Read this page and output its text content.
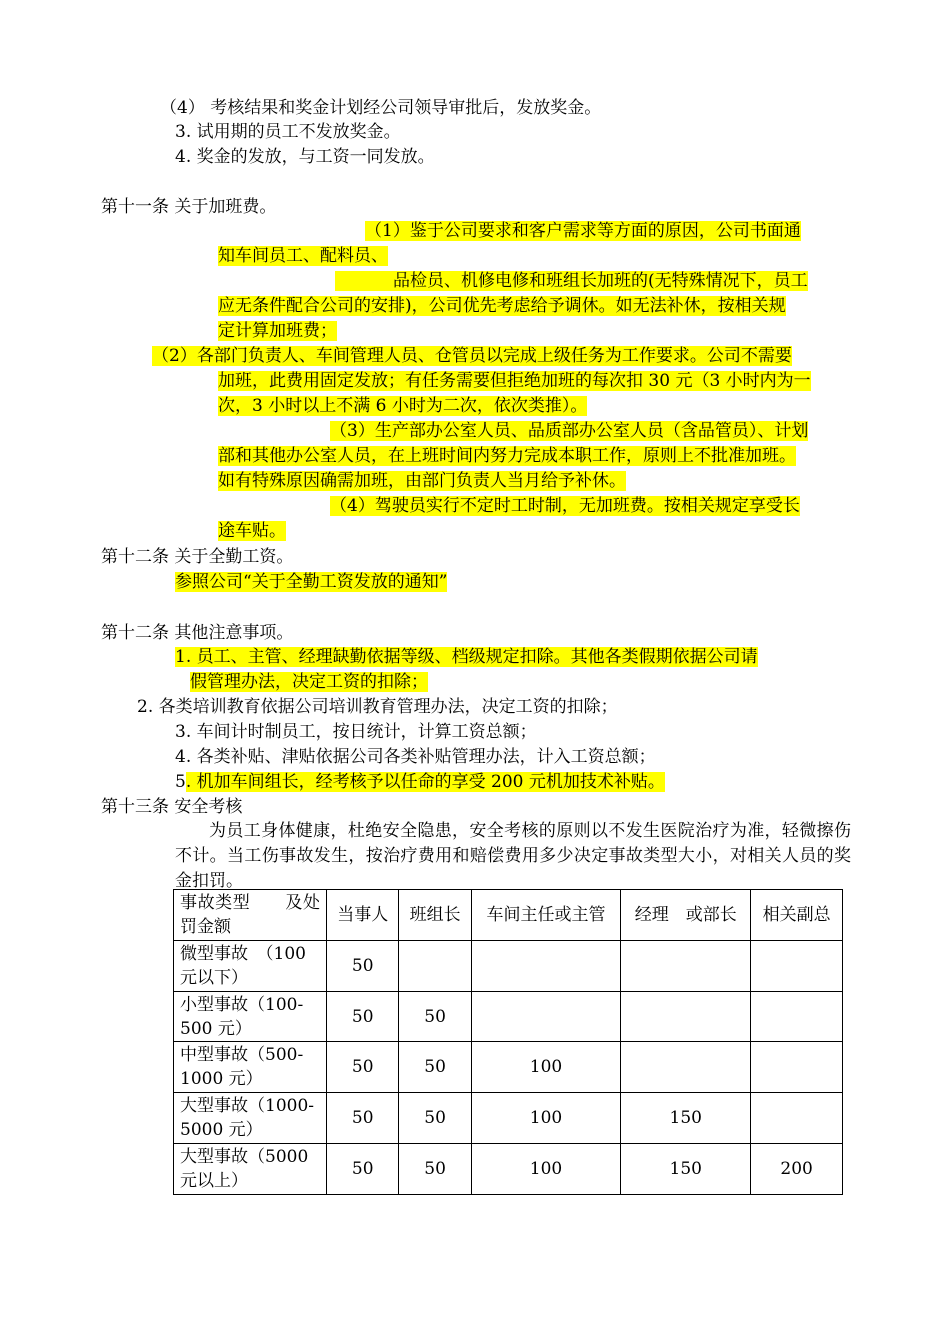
（4） 考核结果和奖金计划经公司领导审批后，发放奖金。
3. 试用期的员工不发放奖金。
4. 奖金的发放，与工资一同发放。
第十一条 关于加班费。
（1）鉴于公司要求和客户需求等方面的原因，公司书面通
知车间员工、配料员、
品检员、机修电修和班组长加班的(无特殊情况下，员工
应无条件配合公司的安排)，公司优先考虑给予调休。如无法补休，按相关规
定计算加班费；
（2）各部门负责人、车间管理人员、仓管员以完成上级任务为工作要求。公司不需要
加班，此费用固定发放；有任务需要但拒绝加班的每次扣 30 元（3 小时内为一
次，3 小时以上不满 6 小时为二次，依次类推）。
（3）生产部办公室人员、品质部办公室人员（含品管员）、计划
部和其他办公室人员，在上班时间内努力完成本职工作，原则上不批准加班。
如有特殊原因确需加班，由部门负责人当月给予补休。
（4）驾驶员实行不定时工时制，无加班费。按相关规定享受长
途车贴。
第十二条 关于全勤工资。
参照公司“关于全勤工资发放的通知”
第十二条 其他注意事项。
1. 员工、主管、经理缺勤依据等级、档级规定扣除。其他各类假期依据公司请
假管理办法，决定工资的扣除；
2. 各类培训教育依据公司培训教育管理办法，决定工资的扣除；
3. 车间计时制员工，按日统计，计算工资总额；
4. 各类补贴、津贴依据公司各类补贴管理办法，计入工资总额；
5. 机加车间组长，经考核予以任命的享受 200 元机加技术补贴。
第十三条 安全考核
为员工身体健康，杜绝安全隐患，安全考核的原则以不发生医院治疗为准，轻微擦伤不计。当工伤事故发生，按治疗费用和赔偿费用多少决定事故类型大小，对相关人员的奖金扣罚。
事故类型　　及处罚金额	当事人	班组长	车间主任或主管	经理　或部长	相关副总
微型事故　（100元以下）	50				
小型事故（100-500 元）	50	50			
中型事故（500-1000 元）	50	50	100		
大型事故（1000-5000 元）	50	50	100	150	
大型事故（5000元以上）	50	50	100	150	200
